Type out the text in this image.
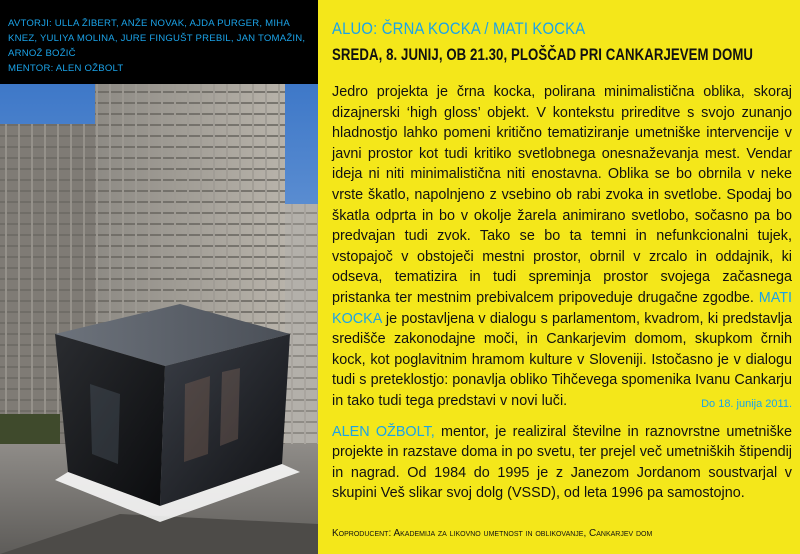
AVTORJI: ULLA ŽIBERT, ANŽE NOVAK, AJDA PURGER, MIHA KNEZ, YULIYA MOLINA, JURE FINGUŠT PREBIL, JAN TOMAŽIN, ARNOŽ BOŽIČ
MENTOR: ALEN OŽBOLT
ALUO: ČRNA KOCKA / MATI KOCKA
SREDA, 8. JUNIJ, OB 21.30, PLOŠČAD PRI CANKARJEVEM DOMU

Jedro projekta je črna kocka, polirana minimalistična oblika, skoraj dizajnerski ‘high gloss’ objekt. V kontekstu prireditve s svojo zunanjo hladnostjo lahko pomeni kritično tematiziranje umetniške intervencije v javni prostor kot tudi kritiko svetlobnega onesnaževanja mest. Vendar ideja ni niti minimalistična niti enostavna. Oblika se bo obrnila v neke vrste škatlo, napolnjeno z vsebino ob rabi zvoka in svetlobe. Spodaj bo škatla odprta in bo v okolje žarela animirano svetlobo, sočasno pa bo predvajan tudi zvok. Tako se bo ta temni in nefunkcionalni tujek, vstopajoč v obstoječi mestni prostor, obrnil v zrcalo in oddajnik, ki odseva, tematizira in tudi spreminja prostor svojega začasnega pristanka ter mestnim prebivalcem pripoveduje drugačne zgodbe. MATI KOCKA je postavljena v dialogu s parlamentom, kvadrom, ki predstavlja središče zakonodajne moči, in Cankarjevim domom, skupkom črnih kock, kot poglavitnim hramom kulture v Sloveniji. Istočasno je v dialogu tudi s preteklostjo: ponavlja obliko Tihčevega spomenika Ivanu Cankarju in tako tudi tega predstavi v novi luči.	Do 18. junija 2011.

ALEN OŽBOLT, mentor, je realiziral številne in raznovrstne umetniške projekte in razstave doma in po svetu, ter prejel več umetniških štipendij in nagrad. Od 1984 do 1995 je z Janezom Jordanom soustvarjal v skupini Veš slikar svoj dolg (VSSD), od leta 1996 pa samostojno.

Koproducent: Akademija za likovno umetnost in oblikovanje, Cankarjev dom
